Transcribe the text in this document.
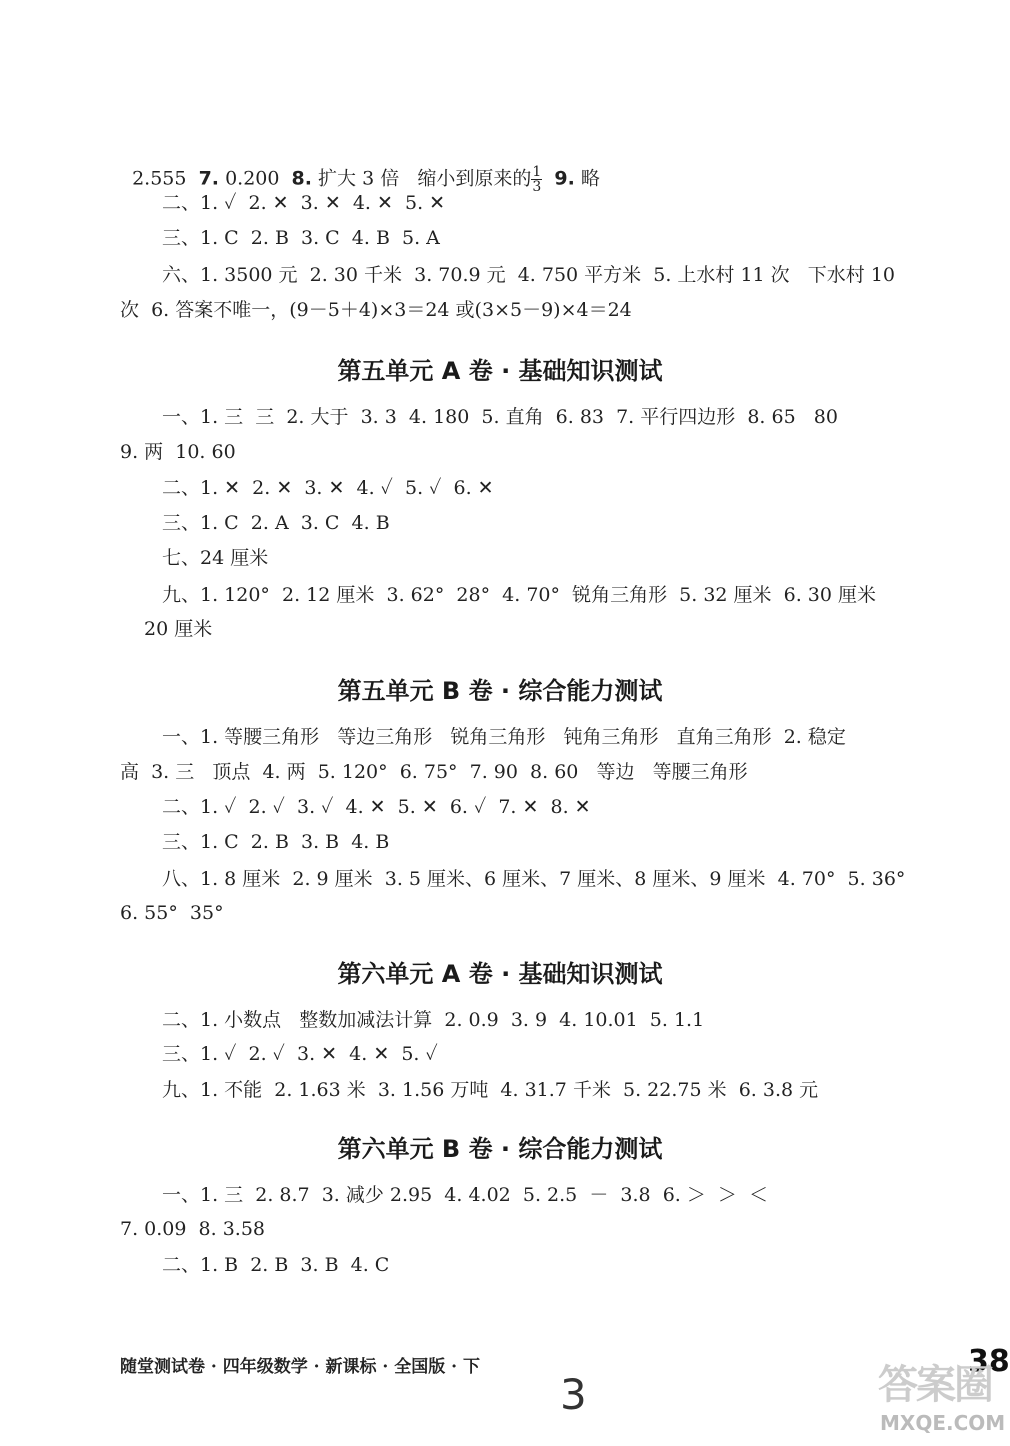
2.555  7. 0.200  8. 扩大 3 倍   缩小到原来的 $\frac{1}{3} 9$. 略

二、1. ✓  2. ✕  3. ✕  4. ✕  5. ✕
三、1. C  2. B  3. C  4. B  5. A
六、1. 3500 元  2. 30 千米  3. 70.9 元  4. 750 平方米  5. 上水村 11 次   下水村 10
次  6. 答案不唯一，(9－5＋4)×3＝24 或(3×5－9)×4＝24
第五单元 A 卷 · 基础知识测试
一、1. 三  三  2. 大于  3. 3  4. 180  5. 直角  6. 83  7. 平行四边形  8. 65   80
9. 两  10. 60
二、1. ✕  2. ✕  3. ✕  4. ✓  5. ✓  6. ✕
三、1. C  2. A  3. C  4. B
七、24 厘米
九、1. 120°  2. 12 厘米  3. 62°  28°  4. 70°  锐角三角形  5. 32 厘米  6. 30 厘米
20 厘米
第五单元 B 卷 · 综合能力测试
一、1. 等腰三角形   等边三角形   锐角三角形   钝角三角形   直角三角形  2. 稳定
高  3. 三   顶点  4. 两  5. 120°  6. 75°  7. 90  8. 60   等边   等腰三角形
二、1. ✓  2. ✓  3. ✓  4. ✕  5. ✕  6. ✓  7. ✕  8. ✕
三、1. C  2. B  3. B  4. B
八、1. 8 厘米  2. 9 厘米  3. 5 厘米、6 厘米、7 厘米、8 厘米、9 厘米  4. 70°  5. 36°
6. 55°  35°
第六单元 A 卷 · 基础知识测试
二、1. 小数点   整数加减法计算  2. 0.9  3. 9  4. 10.01  5. 1.1
三、1. ✓  2. ✓  3. ✕  4. ✕  5. ✓
九、1. 不能  2. 1.63 米  3. 1.56 万吨  4. 31.7 千米  5. 22.75 米  6. 3.8 元
第六单元 B 卷 · 综合能力测试
一、1. 三  2. 8.7  3. 减少 2.95  4. 4.02  5. 2.5  －  3.8  6. ＞  ＞  ＜
7. 0.09  8. 3.58
二、1. B  2. B  3. B  4. C
随堂测试卷 · 四年级数学 · 新课标 · 全国版 · 下
3
38
答案圈
MXQE.COM
